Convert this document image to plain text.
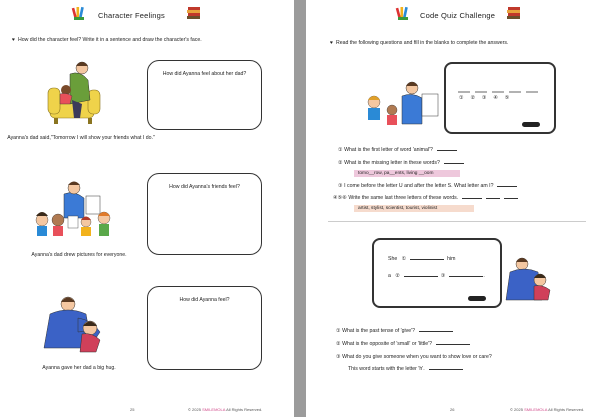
Character Feelings
♥ How did the character feel? Write it in a sentence and draw the character's face.
Ayanna's dad said,"Tomorrow I will show your friends what I do."
How did Ayanna feel about her dad?
Ayanna's dad drew pictures for everyone.
How did Ayanna's friends feel?
Ayanna gave her dad a big hug.
How did Ayanna feel?
25	© 2025 SMILEMOLA All Rights Reserved.
Code Quiz Challenge
♥ Read the following questions and fill in the blanks to complete the answers.
① ② ③ ④ ⑤
① What is the first letter of word 'animal'?
② What is the missing letter in these words?
tomo__row, pa__ents, living __oom
③ I come before the letter U and after the letter S. What letter am I?
④⑤⑥ Write the same last three letters of these words.
artist, stylist, scientist, tourist, violinist
She ①	him
a ②	③	.
① What is the past tense of 'give'?
② What is the opposite of 'small' or 'little'?
③ What do you give someone when you want to show love or care?
This word starts with the letter 'h'.
26	© 2025 SMILEMOLA All Rights Reserved.
